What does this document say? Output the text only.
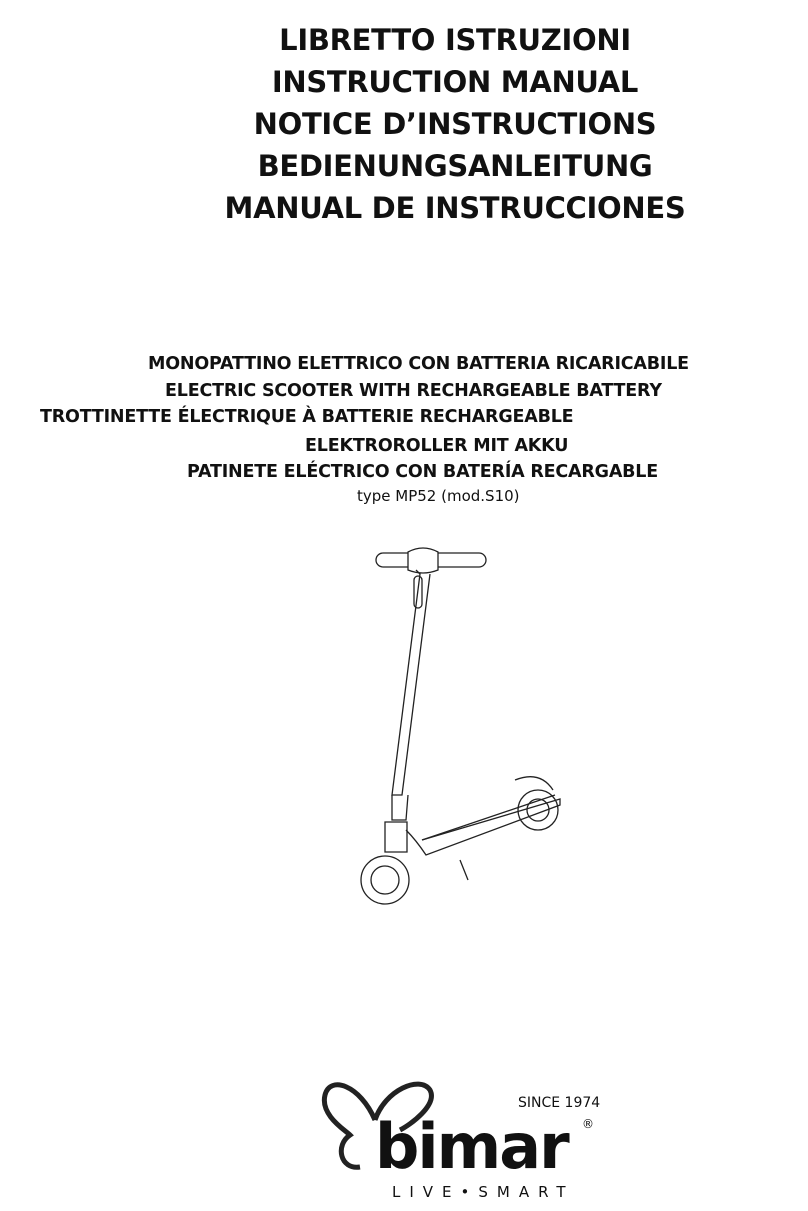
LIBRETTO ISTRUZIONI
INSTRUCTION MANUAL
NOTICE D’INSTRUCTIONS
BEDIENUNGSANLEITUNG
MANUAL DE INSTRUCCIONES
MONOPATTINO ELETTRICO CON BATTERIA RICARICABILE
ELECTRIC SCOOTER WITH RECHARGEABLE BATTERY
TROTTINETTE ÉLECTRIQUE À BATTERIE RECHARGEABLE
ELEKTROROLLER MIT AKKU
PATINETE ELÉCTRICO CON BATERÍA RECARGABLE
type MP52 (mod.S10)
SINCE 1974
bimar ®
LIVE•SMART
